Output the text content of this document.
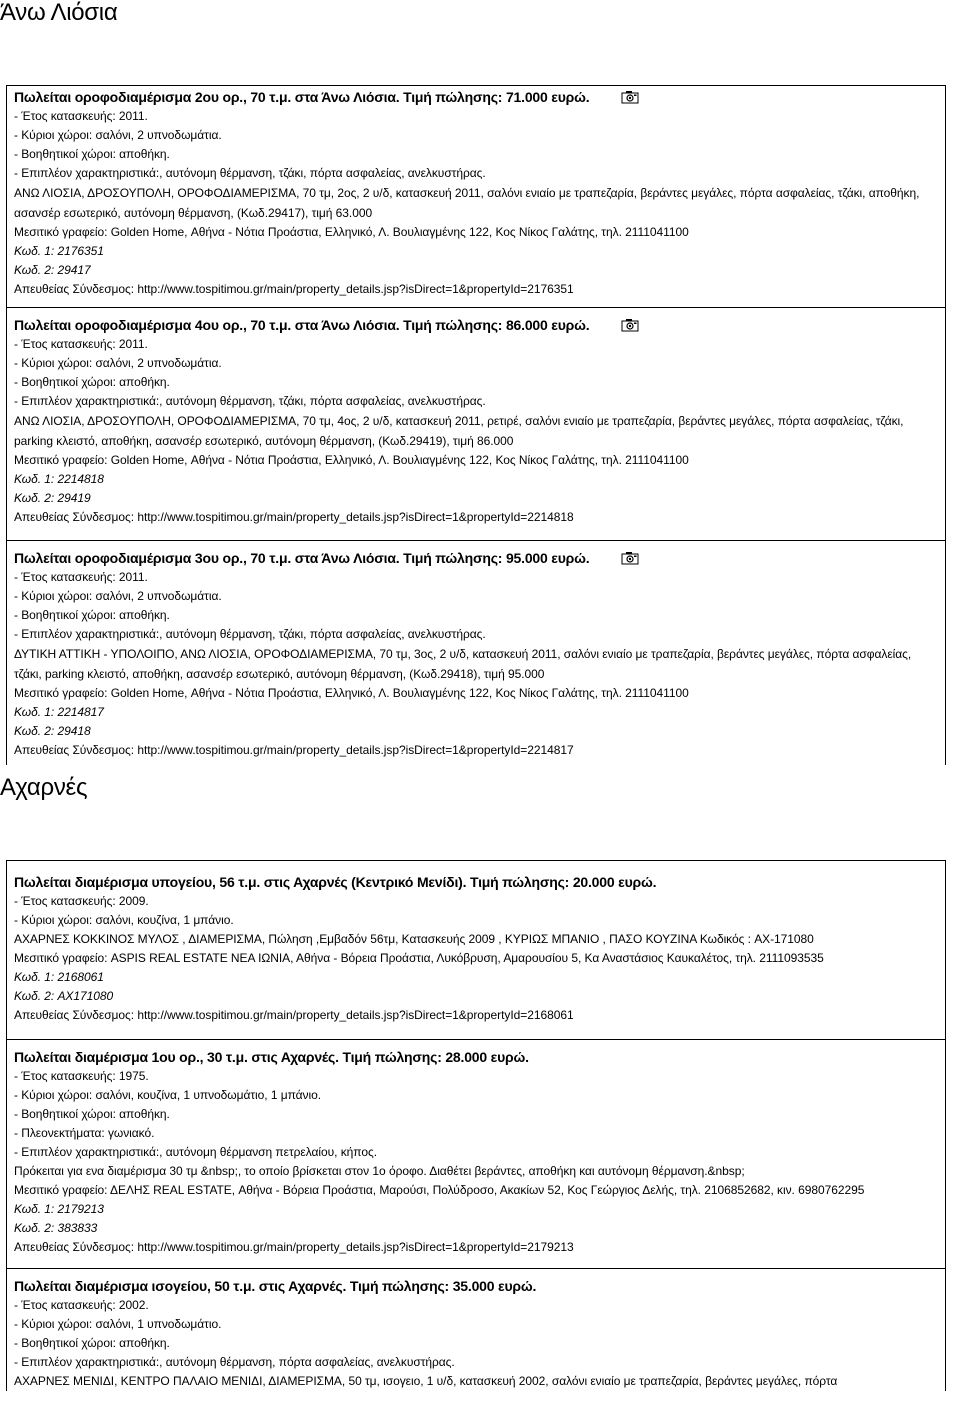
Άνω Λιόσια
Πωλείται οροφοδιαμέρισμα 2ου ορ., 70 τ.μ. στα Άνω Λιόσια. Τιμή πώλησης: 71.000 ευρώ.
- Έτος κατασκευής: 2011.
- Κύριοι χώροι: σαλόνι, 2 υπνοδωμάτια.
- Βοηθητικοί χώροι: αποθήκη.
- Επιπλέον χαρακτηριστικά:, αυτόνομη θέρμανση, τζάκι, πόρτα ασφαλείας, ανελκυστήρας.
ΑΝΩ ΛΙΟΣΙΑ, ΔΡΟΣΟΥΠΟΛΗ, ΟΡΟΦΟΔΙΑΜΕΡΙΣΜΑ, 70 τμ, 2ος, 2 υ/δ, κατασκευή 2011, σαλόνι ενιαίο με τραπεζαρία, βεράντες μεγάλες, πόρτα ασφαλείας, τζάκι, αποθήκη, ασανσέρ εσωτερικό, αυτόνομη θέρμανση, (Κωδ.29417), τιμή 63.000
Μεσιτικό γραφείο: Golden Home, Αθήνα - Νότια Προάστια, Ελληνικό, Λ. Βουλιαγμένης 122, Κος Νίκος Γαλάτης, τηλ. 2111041100
Κωδ. 1: 2176351
Κωδ. 2: 29417
Απευθείας Σύνδεσμος: http://www.tospitimou.gr/main/property_details.jsp?isDirect=1&propertyId=2176351
Πωλείται οροφοδιαμέρισμα 4ου ορ., 70 τ.μ. στα Άνω Λιόσια. Τιμή πώλησης: 86.000 ευρώ.
- Έτος κατασκευής: 2011.
- Κύριοι χώροι: σαλόνι, 2 υπνοδωμάτια.
- Βοηθητικοί χώροι: αποθήκη.
- Επιπλέον χαρακτηριστικά:, αυτόνομη θέρμανση, τζάκι, πόρτα ασφαλείας, ανελκυστήρας.
ΑΝΩ ΛΙΟΣΙΑ, ΔΡΟΣΟΥΠΟΛΗ, ΟΡΟΦΟΔΙΑΜΕΡΙΣΜΑ, 70 τμ, 4ος, 2 υ/δ, κατασκευή 2011, ρετιρέ, σαλόνι ενιαίο με τραπεζαρία, βεράντες μεγάλες, πόρτα ασφαλείας, τζάκι, parking κλειστό, αποθήκη, ασανσέρ εσωτερικό, αυτόνομη θέρμανση, (Κωδ.29419), τιμή 86.000
Μεσιτικό γραφείο: Golden Home, Αθήνα - Νότια Προάστια, Ελληνικό, Λ. Βουλιαγμένης 122, Κος Νίκος Γαλάτης, τηλ. 2111041100
Κωδ. 1: 2214818
Κωδ. 2: 29419
Απευθείας Σύνδεσμος: http://www.tospitimou.gr/main/property_details.jsp?isDirect=1&propertyId=2214818
Πωλείται οροφοδιαμέρισμα 3ου ορ., 70 τ.μ. στα Άνω Λιόσια. Τιμή πώλησης: 95.000 ευρώ.
- Έτος κατασκευής: 2011.
- Κύριοι χώροι: σαλόνι, 2 υπνοδωμάτια.
- Βοηθητικοί χώροι: αποθήκη.
- Επιπλέον χαρακτηριστικά:, αυτόνομη θέρμανση, τζάκι, πόρτα ασφαλείας, ανελκυστήρας.
ΔΥΤΙΚΗ ΑΤΤΙΚΗ - ΥΠΟΛΟΙΠΟ, ΑΝΩ ΛΙΟΣΙΑ, ΟΡΟΦΟΔΙΑΜΕΡΙΣΜΑ, 70 τμ, 3ος, 2 υ/δ, κατασκευή 2011, σαλόνι ενιαίο με τραπεζαρία, βεράντες μεγάλες, πόρτα ασφαλείας, τζάκι, parking κλειστό, αποθήκη, ασανσέρ εσωτερικό, αυτόνομη θέρμανση, (Κωδ.29418), τιμή 95.000
Μεσιτικό γραφείο: Golden Home, Αθήνα - Νότια Προάστια, Ελληνικό, Λ. Βουλιαγμένης 122, Κος Νίκος Γαλάτης, τηλ. 2111041100
Κωδ. 1: 2214817
Κωδ. 2: 29418
Απευθείας Σύνδεσμος: http://www.tospitimou.gr/main/property_details.jsp?isDirect=1&propertyId=2214817
Αχαρνές
Πωλείται διαμέρισμα υπογείου, 56 τ.μ. στις Αχαρνές (Κεντρικό Μενίδι). Τιμή πώλησης: 20.000 ευρώ.
- Έτος κατασκευής: 2009.
- Κύριοι χώροι: σαλόνι, κουζίνα, 1 μπάνιο.
ΑΧΑΡΝΕΣ ΚΟΚΚΙΝΟΣ ΜΥΛΟΣ , ΔΙΑΜΕΡΙΣΜΑ, Πώληση ,Εμβαδόν 56τμ, Κατασκευής 2009 , ΚΥΡΙΩΣ ΜΠΑΝΙΟ , ΠΑΣΟ ΚΟΥΖΙΝΑ Κωδικός : AX-171080
Μεσιτικό γραφείο: ASPIS REAL ESTATE ΝΕΑ ΙΩΝΙΑ, Αθήνα - Βόρεια Προάστια, Λυκόβρυση, Αμαρουσίου 5, Κα Αναστάσιος Καυκαλέτος, τηλ. 2111093535
Κωδ. 1: 2168061
Κωδ. 2: AX171080
Απευθείας Σύνδεσμος: http://www.tospitimou.gr/main/property_details.jsp?isDirect=1&propertyId=2168061
Πωλείται διαμέρισμα 1ου ορ., 30 τ.μ. στις Αχαρνές. Τιμή πώλησης: 28.000 ευρώ.
- Έτος κατασκευής: 1975.
- Κύριοι χώροι: σαλόνι, κουζίνα, 1 υπνοδωμάτιο, 1 μπάνιο.
- Βοηθητικοί χώροι: αποθήκη.
- Πλεονεκτήματα: γωνιακό.
- Επιπλέον χαρακτηριστικά:, αυτόνομη θέρμανση πετρελαίου, κήπος.
Πρόκειται για ενα διαμέρισμα 30 τμ &nbsp;, το οποίο βρίσκεται στον 1ο όροφο. Διαθέτει βεράντες, αποθήκη και αυτόνομη θέρμανση.&nbsp;
Μεσιτικό γραφείο: ΔΕΛΗΣ REAL ESTATE, Αθήνα - Βόρεια Προάστια, Μαρούσι, Πολύδροσο, Ακακίων 52, Κος Γεώργιος Δελής, τηλ. 2106852682, κιν. 6980762295
Κωδ. 1: 2179213
Κωδ. 2: 383833
Απευθείας Σύνδεσμος: http://www.tospitimou.gr/main/property_details.jsp?isDirect=1&propertyId=2179213
Πωλείται διαμέρισμα ισογείου, 50 τ.μ. στις Αχαρνές. Τιμή πώλησης: 35.000 ευρώ.
- Έτος κατασκευής: 2002.
- Κύριοι χώροι: σαλόνι, 1 υπνοδωμάτιο.
- Βοηθητικοί χώροι: αποθήκη.
- Επιπλέον χαρακτηριστικά:, αυτόνομη θέρμανση, πόρτα ασφαλείας, ανελκυστήρας.
ΑΧΑΡΝΕΣ ΜΕΝΙΔΙ, ΚΕΝΤΡΟ ΠΑΛΑΙΟ ΜΕΝΙΔΙ, ΔΙΑΜΕΡΙΣΜΑ, 50 τμ, ισογειο, 1 υ/δ, κατασκευή 2002, σαλόνι ενιαίο με τραπεζαρία, βεράντες μεγάλες, πόρτα
